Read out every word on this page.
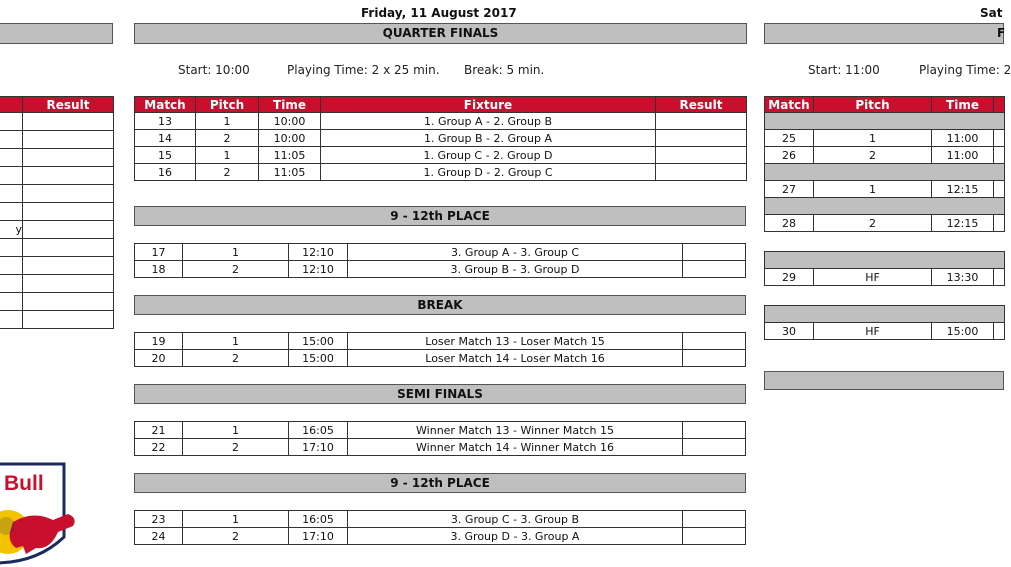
	Result

y	

Bull
Friday, 11 August 2017
QUARTER FINALS
Start: 10:00	Playing Time: 2 x 25 min. Break: 5 min.
Match	Pitch	Time	Fixture	Result
13	1	10:00	1. Group A - 2. Group B	
14	2	10:00	1. Group B - 2. Group A	
15	1	11:05	1. Group C - 2. Group D	
16	2	11:05	1. Group D - 2. Group C	
9 - 12th PLACE
17	1	12:10	3. Group A - 3. Group C	
18	2	12:10	3. Group B - 3. Group D	
BREAK
19	1	15:00	Loser Match 13 - Loser Match 15	
20	2	15:00	Loser Match 14 - Loser Match 16	
SEMI FINALS
21	1	16:05	Winner Match 13 - Winner Match 15	
22	2	17:10	Winner Match 14 - Winner Match 16	
9 - 12th PLACE
23	1	16:05	3. Group C - 3. Group B	
24	2	17:10	3. Group D - 3. Group A	
Sat
F
Start: 11:00	Playing Time: 2
Match	Pitch	Time	

25	1	11:00	
26	2	11:00	

27	1	12:15	

28	2	12:15	

29	HF	13:30	

30	HF	15:00	
